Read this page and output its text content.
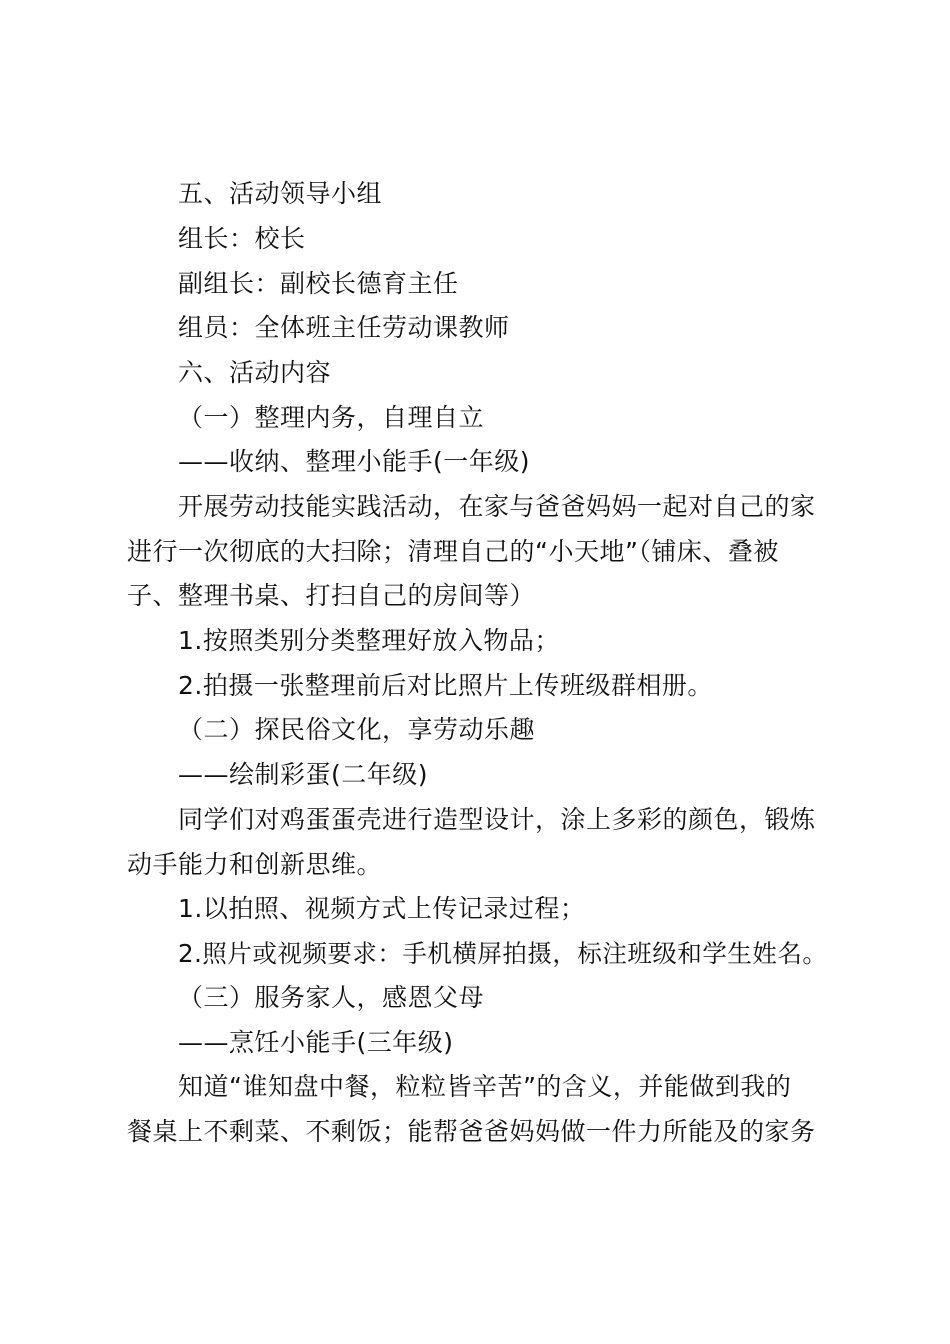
五、活动领导小组
组长：校长
副组长：副校长德育主任
组员：全体班主任劳动课教师
六、活动内容
（一）整理内务，自理自立
——收纳、整理小能手(一年级)
开展劳动技能实践活动，在家与爸爸妈妈一起对自己的家
进行一次彻底的大扫除；清理自己的“小天地”（铺床、叠被
子、整理书桌、打扫自己的房间等）
1.按照类别分类整理好放入物品；
2.拍摄一张整理前后对比照片上传班级群相册。
（二）探民俗文化，享劳动乐趣
——绘制彩蛋(二年级)
同学们对鸡蛋蛋壳进行造型设计，涂上多彩的颜色，锻炼
动手能力和创新思维。
1.以拍照、视频方式上传记录过程；
2.照片或视频要求：手机横屏拍摄，标注班级和学生姓名。
（三）服务家人，感恩父母
——烹饪小能手(三年级)
知道“谁知盘中餐，粒粒皆辛苦”的含义，并能做到我的
餐桌上不剩菜、不剩饭；能帮爸爸妈妈做一件力所能及的家务
